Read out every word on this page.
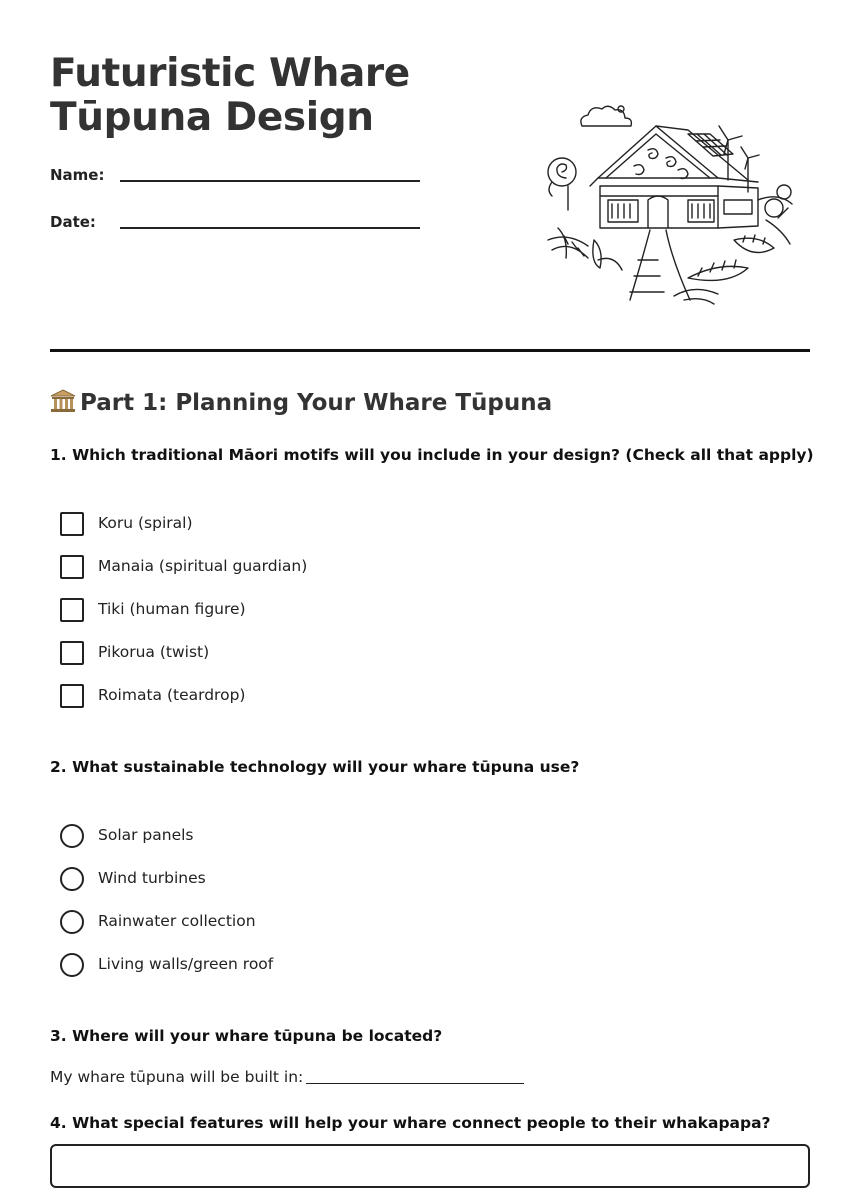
Futuristic Whare
Tūpuna Design
Name:
Date:
Part 1: Planning Your Whare Tūpuna
1. Which traditional Māori motifs will you include in your design? (Check all that apply)
Koru (spiral)
Manaia (spiritual guardian)
Tiki (human figure)
Pikorua (twist)
Roimata (teardrop)
2. What sustainable technology will your whare tūpuna use?
Solar panels
Wind turbines
Rainwater collection
Living walls/green roof
3. Where will your whare tūpuna be located?
My whare tūpuna will be built in:
4. What special features will help your whare connect people to their whakapapa?
